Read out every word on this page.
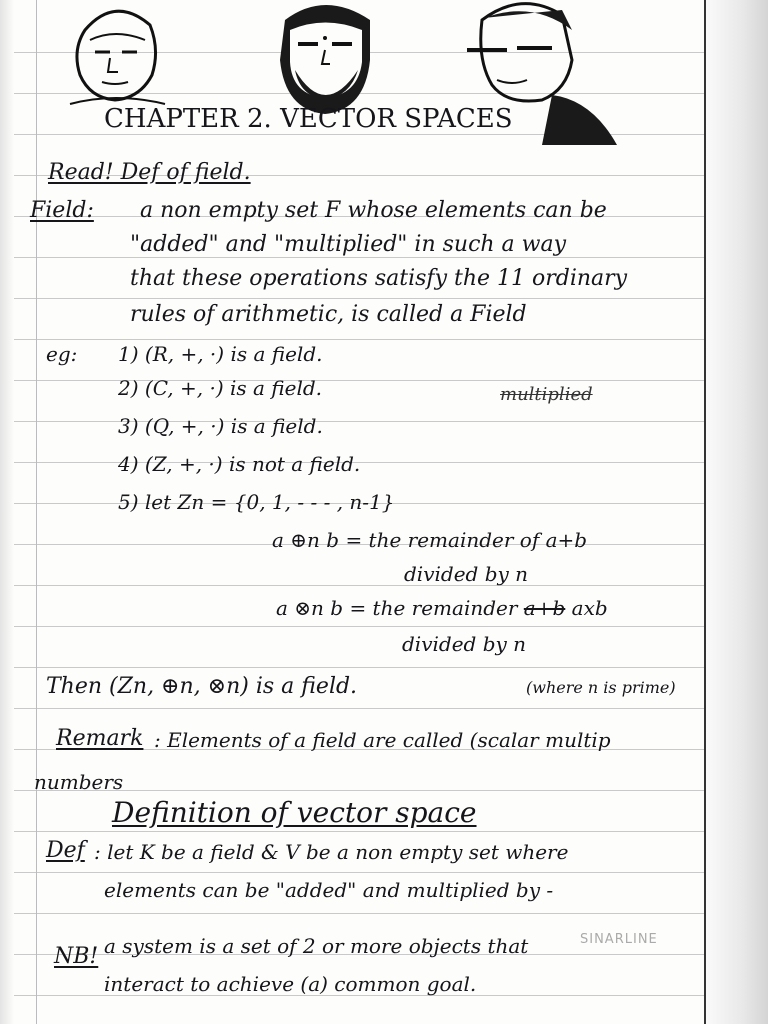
CHAPTER 2. VECTOR SPACES
Read! Def of field.
Field: a non empty set F whose elements can be
"added" and "multiplied" in such a way
that these operations satisfy the 11 ordinary
rules of arithmetic, is called a Field
eg: 1) (R, +, ·) is a field.
2) (C, +, ·) is a field.	multiplied
3) (Q, +, ·) is a field.
4) (Z, +, ·) is not a field.
5) let Zn = {0, 1, - - - , n-1}
a ⊕n b = the remainder of a+b
divided by n
a ⊗n b = the remainder a+b axb
divided by n
Then (Zn, ⊕n, ⊗n) is a field.	(where n is prime)
Remark : Elements of a field are called (scalar multip
numbers
Definition of vector space
Def : let K be a field & V be a non empty set where
elements can be "added" and multiplied by -
NB! a system is a set of 2 or more objects that
interact to achieve (a) common goal.
SINARLINE
